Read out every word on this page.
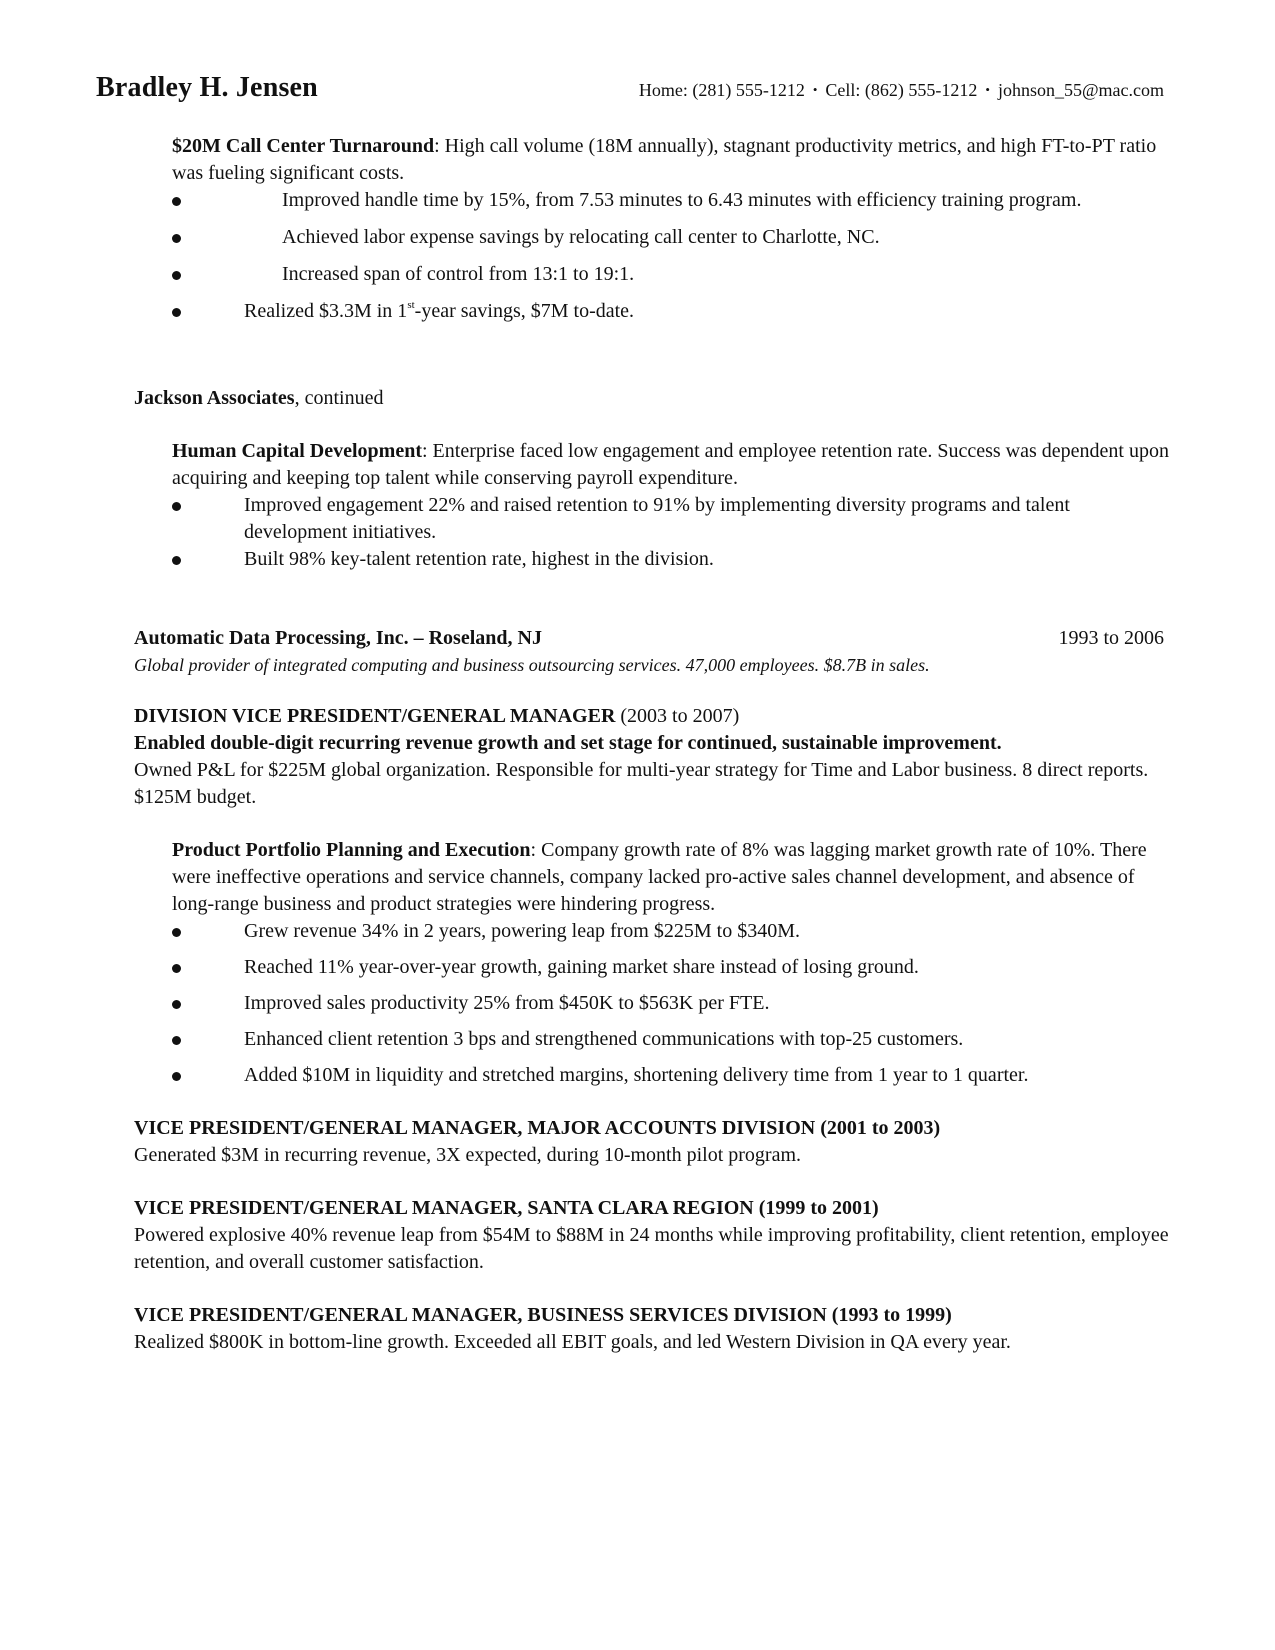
Bradley H. Jensen	Home: (281) 555-1212 • Cell: (862) 555-1212 • johnson_55@mac.com

$20M Call Center Turnaround: High call volume (18M annually), stagnant productivity metrics, and high FT-to-PT ratio was fueling significant costs.

Improved handle time by 15%, from 7.53 minutes to 6.43 minutes with efficiency training program.
Achieved labor expense savings by relocating call center to Charlotte, NC.
Increased span of control from 13:1 to 19:1.
Realized $3.3M in 1st-year savings, $7M to-date.

Jackson Associates, continued

Human Capital Development: Enterprise faced low engagement and employee retention rate. Success was dependent upon acquiring and keeping top talent while conserving payroll expenditure.

Improved engagement 22% and raised retention to 91% by implementing diversity programs and talent development initiatives.
Built 98% key-talent retention rate, highest in the division.
Automatic Data Processing, Inc. – Roseland, NJ	1993 to 2006

Global provider of integrated computing and business outsourcing services. 47,000 employees. $8.7B in sales.

DIVISION VICE PRESIDENT/GENERAL MANAGER (2003 to 2007)

Enabled double-digit recurring revenue growth and set stage for continued, sustainable improvement.

Owned P&L for $225M global organization. Responsible for multi-year strategy for Time and Labor business. 8 direct reports. $125M budget.

Product Portfolio Planning and Execution: Company growth rate of 8% was lagging market growth rate of 10%. There were ineffective operations and service channels, company lacked pro-active sales channel development, and absence of long-range business and product strategies were hindering progress.

Grew revenue 34% in 2 years, powering leap from $225M to $340M.
Reached 11% year-over-year growth, gaining market share instead of losing ground.
Improved sales productivity 25% from $450K to $563K per FTE.
Enhanced client retention 3 bps and strengthened communications with top-25 customers.
Added $10M in liquidity and stretched margins, shortening delivery time from 1 year to 1 quarter.

VICE PRESIDENT/GENERAL MANAGER, MAJOR ACCOUNTS DIVISION (2001 to 2003)

Generated $3M in recurring revenue, 3X expected, during 10-month pilot program.

VICE PRESIDENT/GENERAL MANAGER, SANTA CLARA REGION (1999 to 2001)

Powered explosive 40% revenue leap from $54M to $88M in 24 months while improving profitability, client retention, employee retention, and overall customer satisfaction.

VICE PRESIDENT/GENERAL MANAGER, BUSINESS SERVICES DIVISION (1993 to 1999)

Realized $800K in bottom-line growth. Exceeded all EBIT goals, and led Western Division in QA every year.
